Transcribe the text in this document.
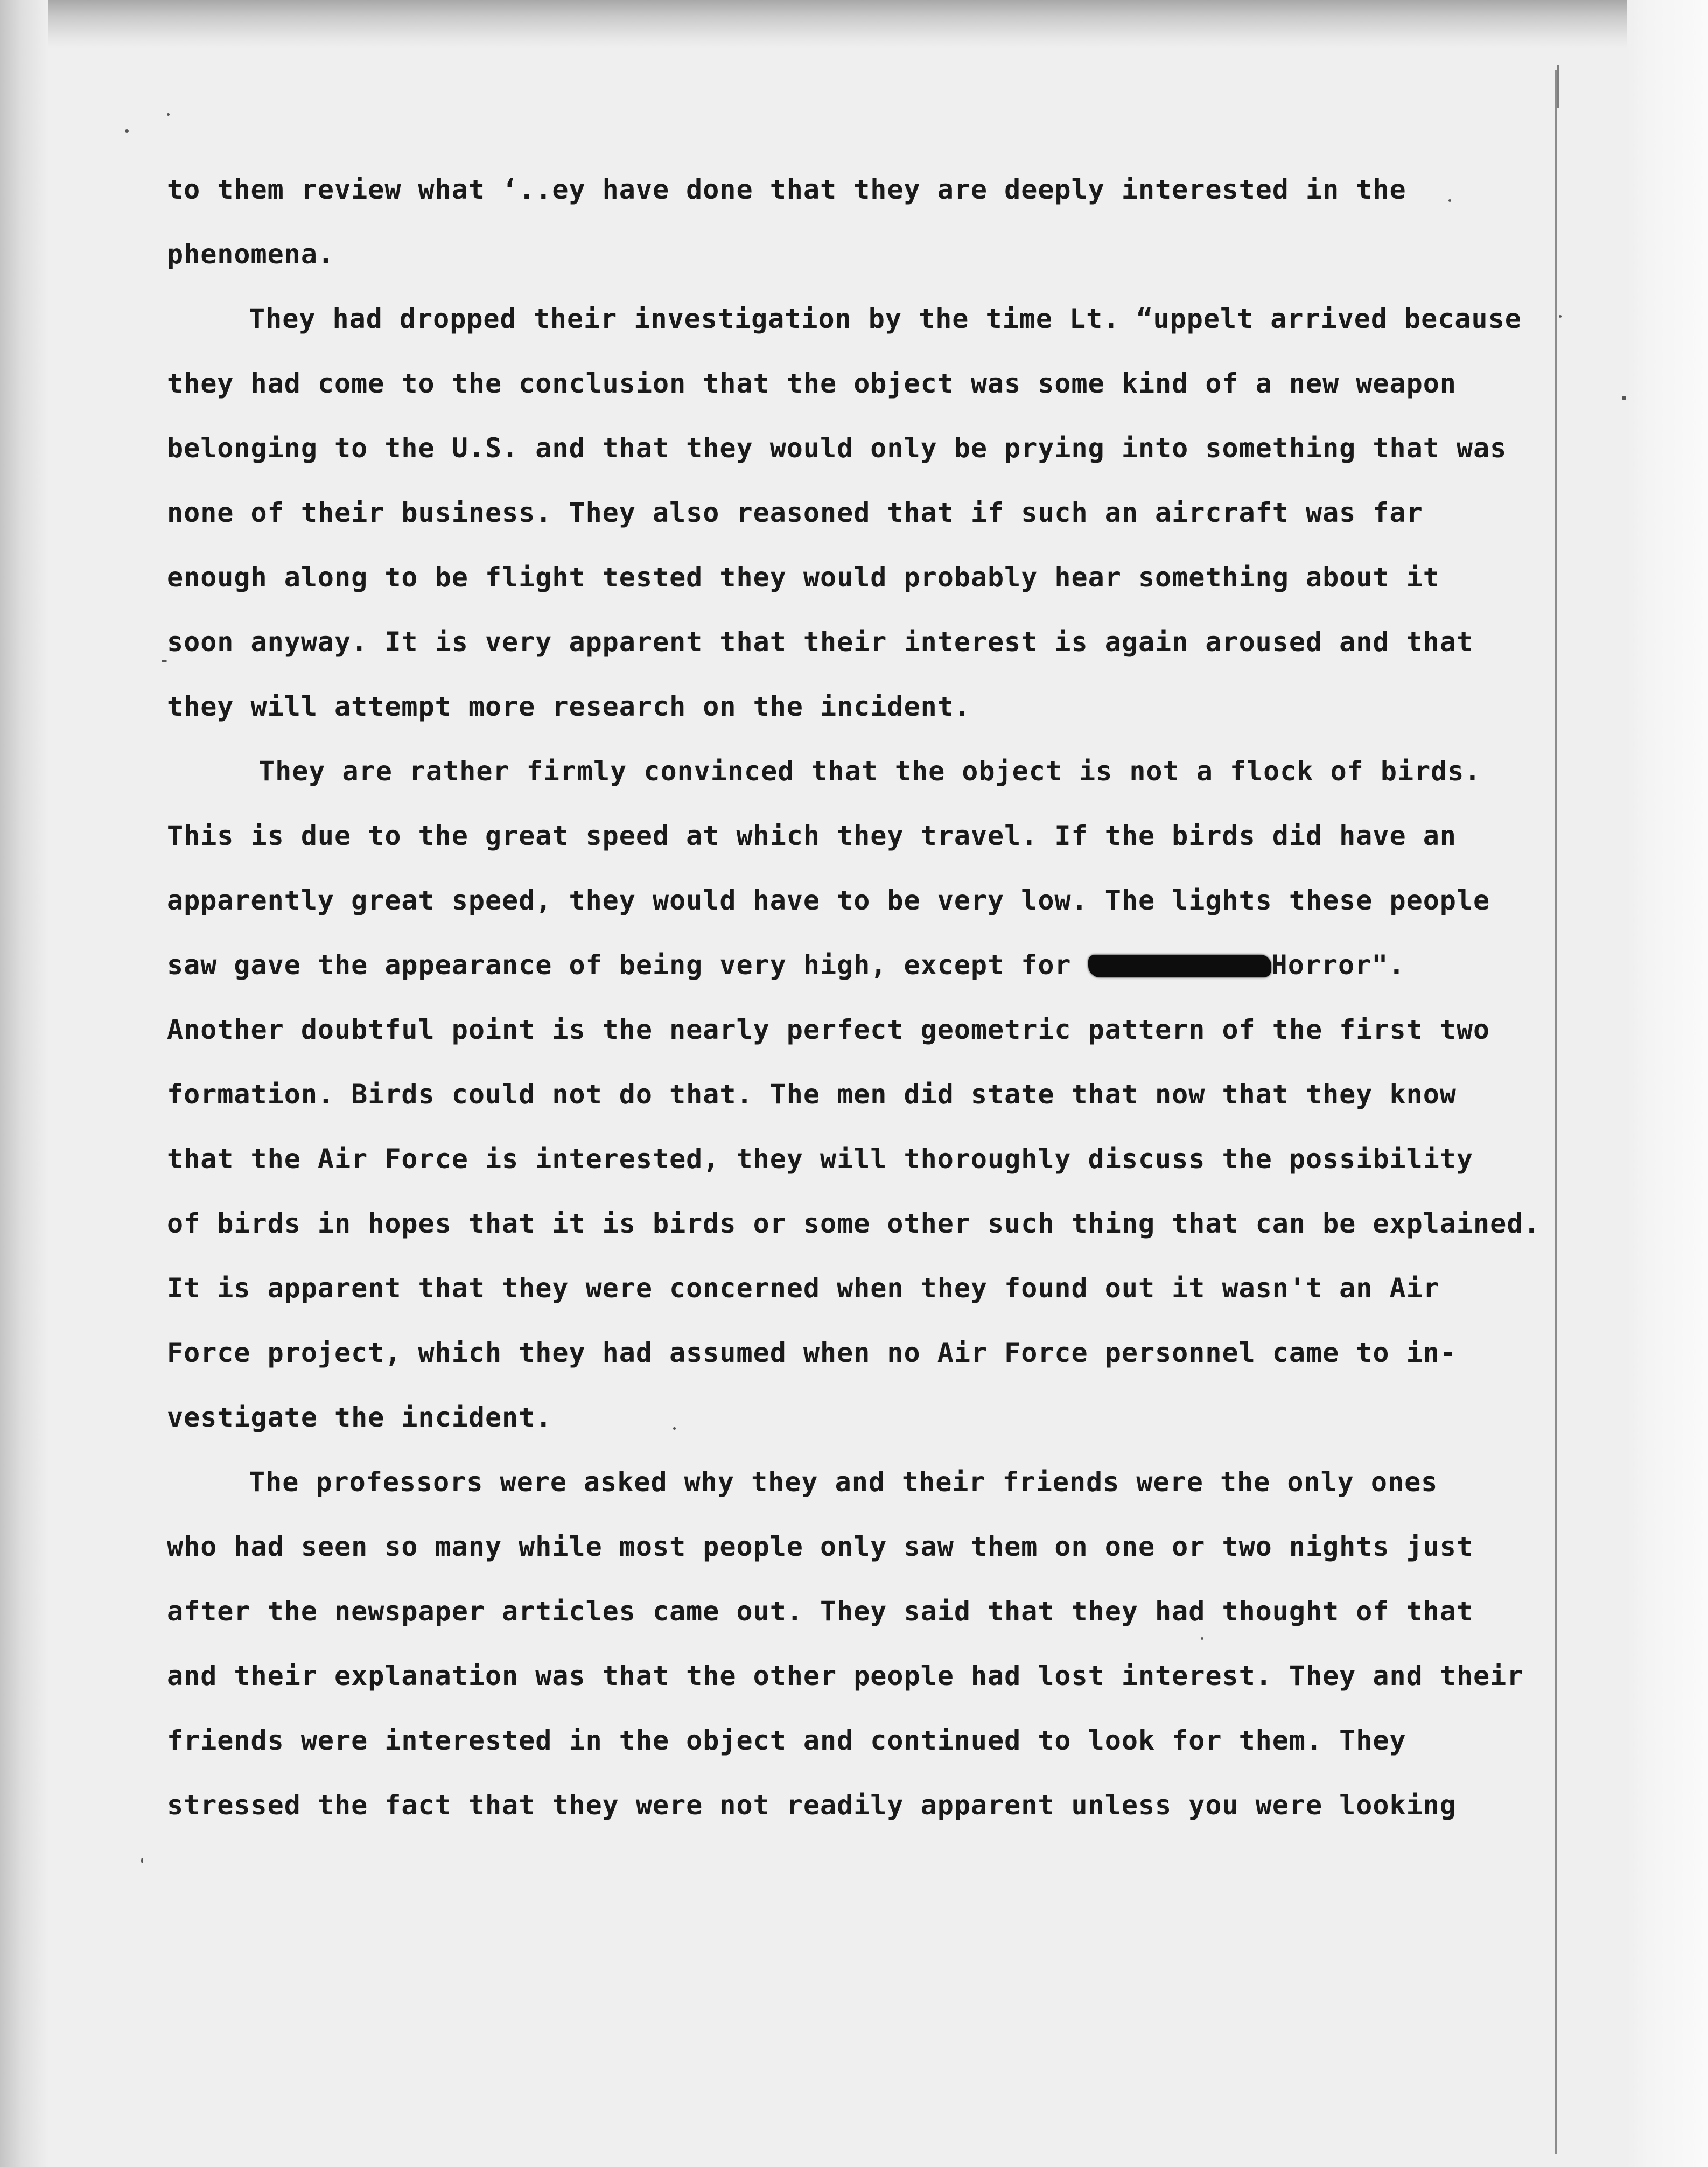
to them review what ‘..ey have done that they are deeply interested in the
phenomena.
They had dropped their investigation by the time Lt. “uppelt arrived because
they had come to the conclusion that the object was some kind of a new weapon
belonging to the U.S. and that they would only be prying into something that was
none of their business. They also reasoned that if such an aircraft was far
enough along to be flight tested they would probably hear something about it
soon anyway. It is very apparent that their interest is again aroused and that
they will attempt more research on the incident.
They are rather firmly convinced that the object is not a flock of birds.
This is due to the great speed at which they travel. If the birds did have an
apparently great speed, they would have to be very low. The lights these people
saw gave the appearance of being very high, except for	Horror".
Another doubtful point is the nearly perfect geometric pattern of the first two
formation. Birds could not do that. The men did state that now that they know
that the Air Force is interested, they will thoroughly discuss the possibility
of birds in hopes that it is birds or some other such thing that can be explained.
It is apparent that they were concerned when they found out it wasn't an Air
Force project, which they had assumed when no Air Force personnel came to in-
vestigate the incident.
The professors were asked why they and their friends were the only ones
who had seen so many while most people only saw them on one or two nights just
after the newspaper articles came out. They said that they had thought of that
and their explanation was that the other people had lost interest. They and their
friends were interested in the object and continued to look for them. They
stressed the fact that they were not readily apparent unless you were looking
